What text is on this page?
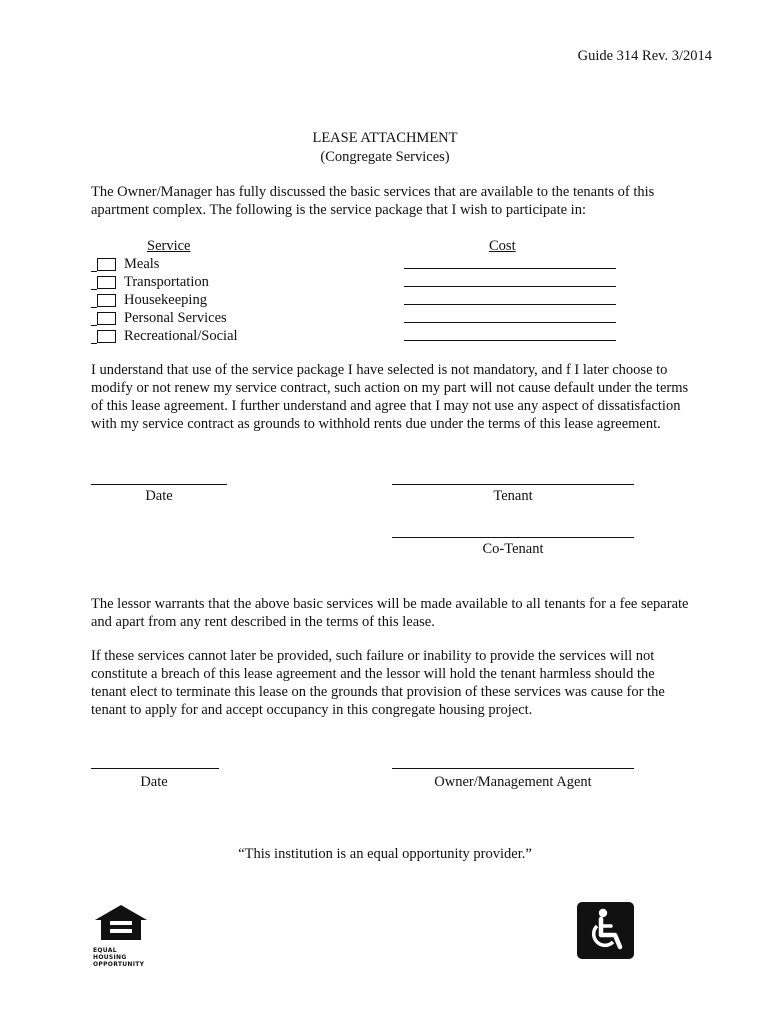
Guide 314 Rev. 3/2014
LEASE ATTACHMENT
(Congregate Services)
The Owner/Manager has fully discussed the basic services that are available to the tenants of this apartment complex. The following is the service package that I wish to participate in:
Service	Cost
Meals
Transportation
Housekeeping
Personal Services
Recreational/Social
I understand that use of the service package I have selected is not mandatory, and f I later choose to modify or not renew my service contract, such action on my part will not cause default under the terms of this lease agreement. I further understand and agree that I may not use any aspect of dissatisfaction with my service contract as grounds to withhold rents due under the terms of this lease agreement.
Date	Tenant
Co-Tenant
The lessor warrants that the above basic services will be made available to all tenants for a fee separate and apart from any rent described in the terms of this lease.
If these services cannot later be provided, such failure or inability to provide the services will not constitute a breach of this lease agreement and the lessor will hold the tenant harmless should the tenant elect to terminate this lease on the grounds that provision of these services was cause for the tenant to apply for and accept occupancy in this congregate housing project.
Date	Owner/Management Agent
“This institution is an equal opportunity provider.”
EQUAL HOUSING
OPPORTUNITY
